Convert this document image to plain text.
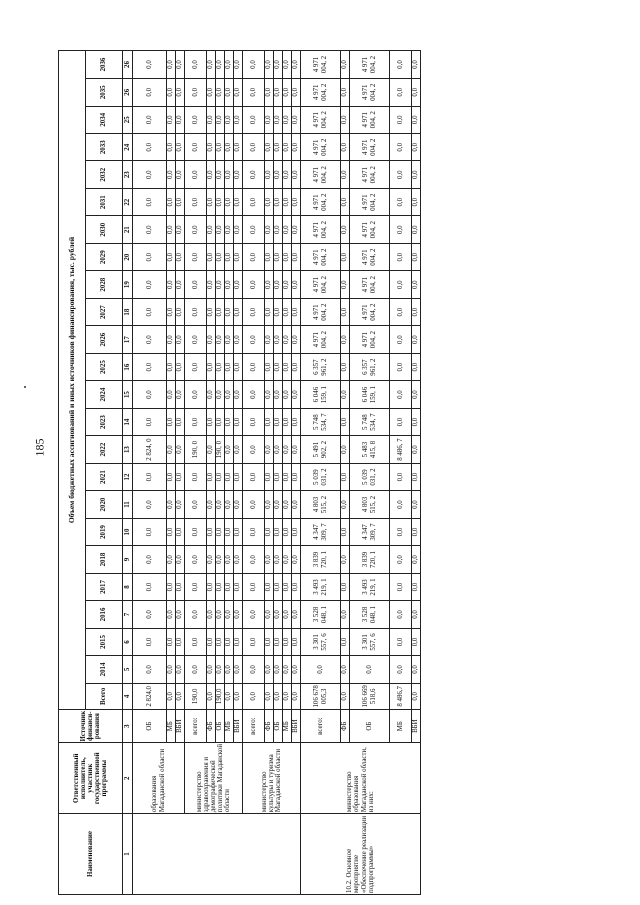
185
Наименование	Ответственный исполнитель, участник государственной программы	Источник финанси-рования	Объем бюджетных ассигнований и иных источников финансирования, тыс. рублей																							
			Всего	2014	2015	2016	2017	2018	2019	2020	2021	2022	2023	2024	2025	2026	2027	2028	2029	2030	2031	2032	2033	2034	2035	2036
1	2	3	4	5	6	7	8	9	10	11	12	13	14	15	16	17	18	19	20	21	22	23	24	25	26	26
	образования Магаданской области	ОБ	2 824,0	0,0	0,0	0,0	0,0	0,0	0,0	0,0	0,0	2 824, 0	0,0	0,0	0,0	0,0	0,0	0,0	0,0	0,0	0,0	0,0	0,0	0,0	0,0	0,0
		МБ	0,0	0,0	0,0	0,0	0,0	0,0	0,0	0,0	0,0	0,0	0,0	0,0	0,0	0,0	0,0	0,0	0,0	0,0	0,0	0,0	0,0	0,0	0,0	0,0
		ВБИ	0,0	0,0	0,0	0,0	0,0	0,0	0,0	0,0	0,0	0,0	0,0	0,0	0,0	0,0	0,0	0,0	0,0	0,0	0,0	0,0	0,0	0,0	0,0	0,0
	министерство здравоохранения и демографической политики Магаданской области	всего:	190,0	0,0	0,0	0,0	0,0	0,0	0,0	0,0	0,0	190, 0	0,0	0,0	0,0	0,0	0,0	0,0	0,0	0,0	0,0	0,0	0,0	0,0	0,0	0,0
		ФБ	0,0	0,0	0,0	0,0	0,0	0,0	0,0	0,0	0,0	0,0	0,0	0,0	0,0	0,0	0,0	0,0	0,0	0,0	0,0	0,0	0,0	0,0	0,0	0,0
		ОБ	190,0	0,0	0,0	0,0	0,0	0,0	0,0	0,0	0,0	190, 0	0,0	0,0	0,0	0,0	0,0	0,0	0,0	0,0	0,0	0,0	0,0	0,0	0,0	0,0
		МБ	0,0	0,0	0,0	0,0	0,0	0,0	0,0	0,0	0,0	0,0	0,0	0,0	0,0	0,0	0,0	0,0	0,0	0,0	0,0	0,0	0,0	0,0	0,0	0,0
		ВБИ	0,0	0,0	0,0	0,0	0,0	0,0	0,0	0,0	0,0	0,0	0,0	0,0	0,0	0,0	0,0	0,0	0,0	0,0	0,0	0,0	0,0	0,0	0,0	0,0
	министерство культуры и туризма Магаданской области	всего:	0,0	0,0	0,0	0,0	0,0	0,0	0,0	0,0	0,0	0,0	0,0	0,0	0,0	0,0	0,0	0,0	0,0	0,0	0,0	0,0	0,0	0,0	0,0	0,0
		ФБ	0,0	0,0	0,0	0,0	0,0	0,0	0,0	0,0	0,0	0,0	0,0	0,0	0,0	0,0	0,0	0,0	0,0	0,0	0,0	0,0	0,0	0,0	0,0	0,0
		ОБ	0,0	0,0	0,0	0,0	0,0	0,0	0,0	0,0	0,0	0,0	0,0	0,0	0,0	0,0	0,0	0,0	0,0	0,0	0,0	0,0	0,0	0,0	0,0	0,0
		МБ	0,0	0,0	0,0	0,0	0,0	0,0	0,0	0,0	0,0	0,0	0,0	0,0	0,0	0,0	0,0	0,0	0,0	0,0	0,0	0,0	0,0	0,0	0,0	0,0
		ВБИ	0,0	0,0	0,0	0,0	0,0	0,0	0,0	0,0	0,0	0,0	0,0	0,0	0,0	0,0	0,0	0,0	0,0	0,0	0,0	0,0	0,0	0,0	0,0	0,0
10.2. Основное мероприятие «Обеспечение реализации подпрограммы»	министерство образования Магаданской области, из них:	всего:	106 678 005,3	0,0	3 301 557, 6	3 528 048, 1	3 493 219, 1	3 839 720, 1	4 347 309, 7	4 803 515, 2	5 039 031, 2	5 491 902, 2	5 748 534, 7	6 046 159, 1	6 357 961, 2	4 971 004, 2	4 971 004, 2	4 971 004, 2	4 971 004, 2	4 971 004, 2	4 971 004, 2	4 971 004, 2	4 971 004, 2	4 971 004, 2	4 971 004, 2	4 971 004, 2
		ФБ	0,0	0,0	0,0	0,0	0,0	0,0	0,0	0,0	0,0	0,0	0,0	0,0	0,0	0,0	0,0	0,0	0,0	0,0	0,0	0,0	0,0	0,0	0,0	0,0
		ОБ	106 669 518,6	0,0	3 301 557, 6	3 528 048, 1	3 493 219, 1	3 839 720, 1	4 347 309, 7	4 803 515, 2	5 039 031, 2	5 483 415, 8	5 748 534, 7	6 046 159, 1	6 357 961, 2	4 971 004, 2	4 971 004, 2	4 971 004, 2	4 971 004, 2	4 971 004, 2	4 971 004, 2	4 971 004, 2	4 971 004, 2	4 971 004, 2	4 971 004, 2	4 971 004, 2
		МБ	8 486,7	0,0	0,0	0,0	0,0	0,0	0,0	0,0	0,0	8 486, 7	0,0	0,0	0,0	0,0	0,0	0,0	0,0	0,0	0,0	0,0	0,0	0,0	0,0	0,0
		ВБИ	0,0	0,0	0,0	0,0	0,0	0,0	0,0	0,0	0,0	0,0	0,0	0,0	0,0	0,0	0,0	0,0	0,0	0,0	0,0	0,0	0,0	0,0	0,0	0,0
